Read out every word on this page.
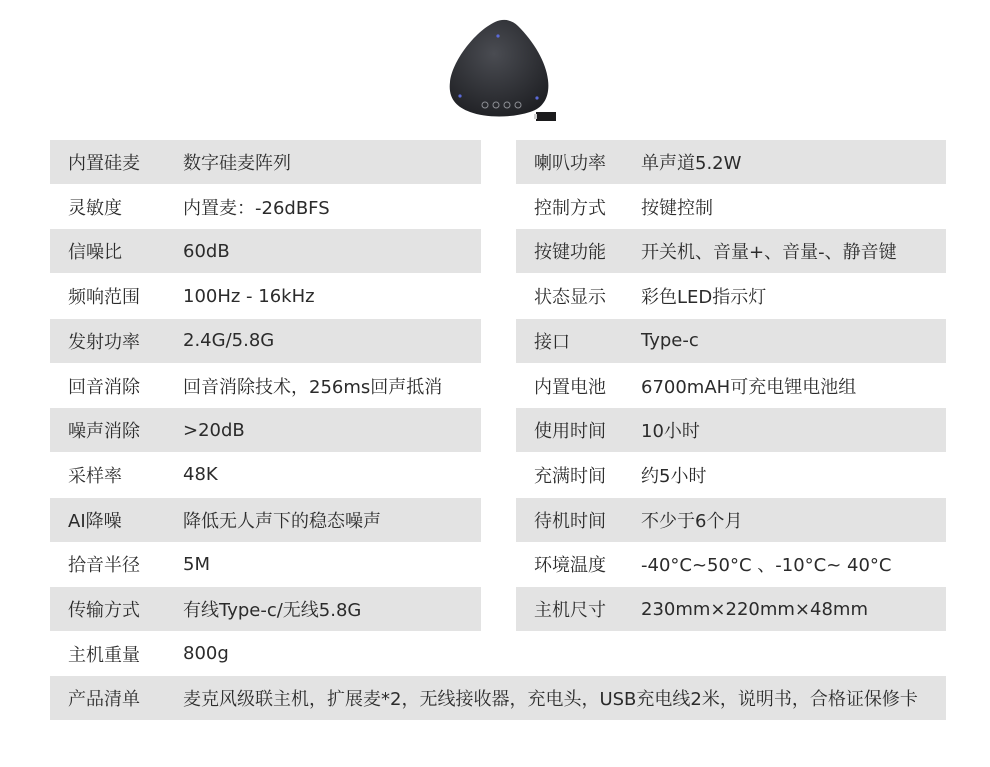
内置硅麦	数字硅麦阵列	喇叭功率	单声道5.2W
灵敏度	内置麦：-26dBFS	控制方式	按键控制
信噪比	60dB	按键功能	开关机、音量+、音量-、静音键
频响范围	100Hz - 16kHz	状态显示	彩色LED指示灯
发射功率	2.4G/5.8G	接口	Type-c
回音消除	回音消除技术，256ms回声抵消	内置电池	6700mAH可充电锂电池组
噪声消除	>20dB	使用时间	10小时
采样率	48K	充满时间	约5小时
AI降噪	降低无人声下的稳态噪声	待机时间	不少于6个月
拾音半径	5M	环境温度	-40°C~50°C 、-10°C~ 40°C
传输方式	有线Type-c/无线5.8G	主机尺寸	230mm×220mm×48mm
主机重量	800g
产品清单	麦克风级联主机，扩展麦*2，无线接收器，充电头，USB充电线2米，说明书，合格证保修卡
